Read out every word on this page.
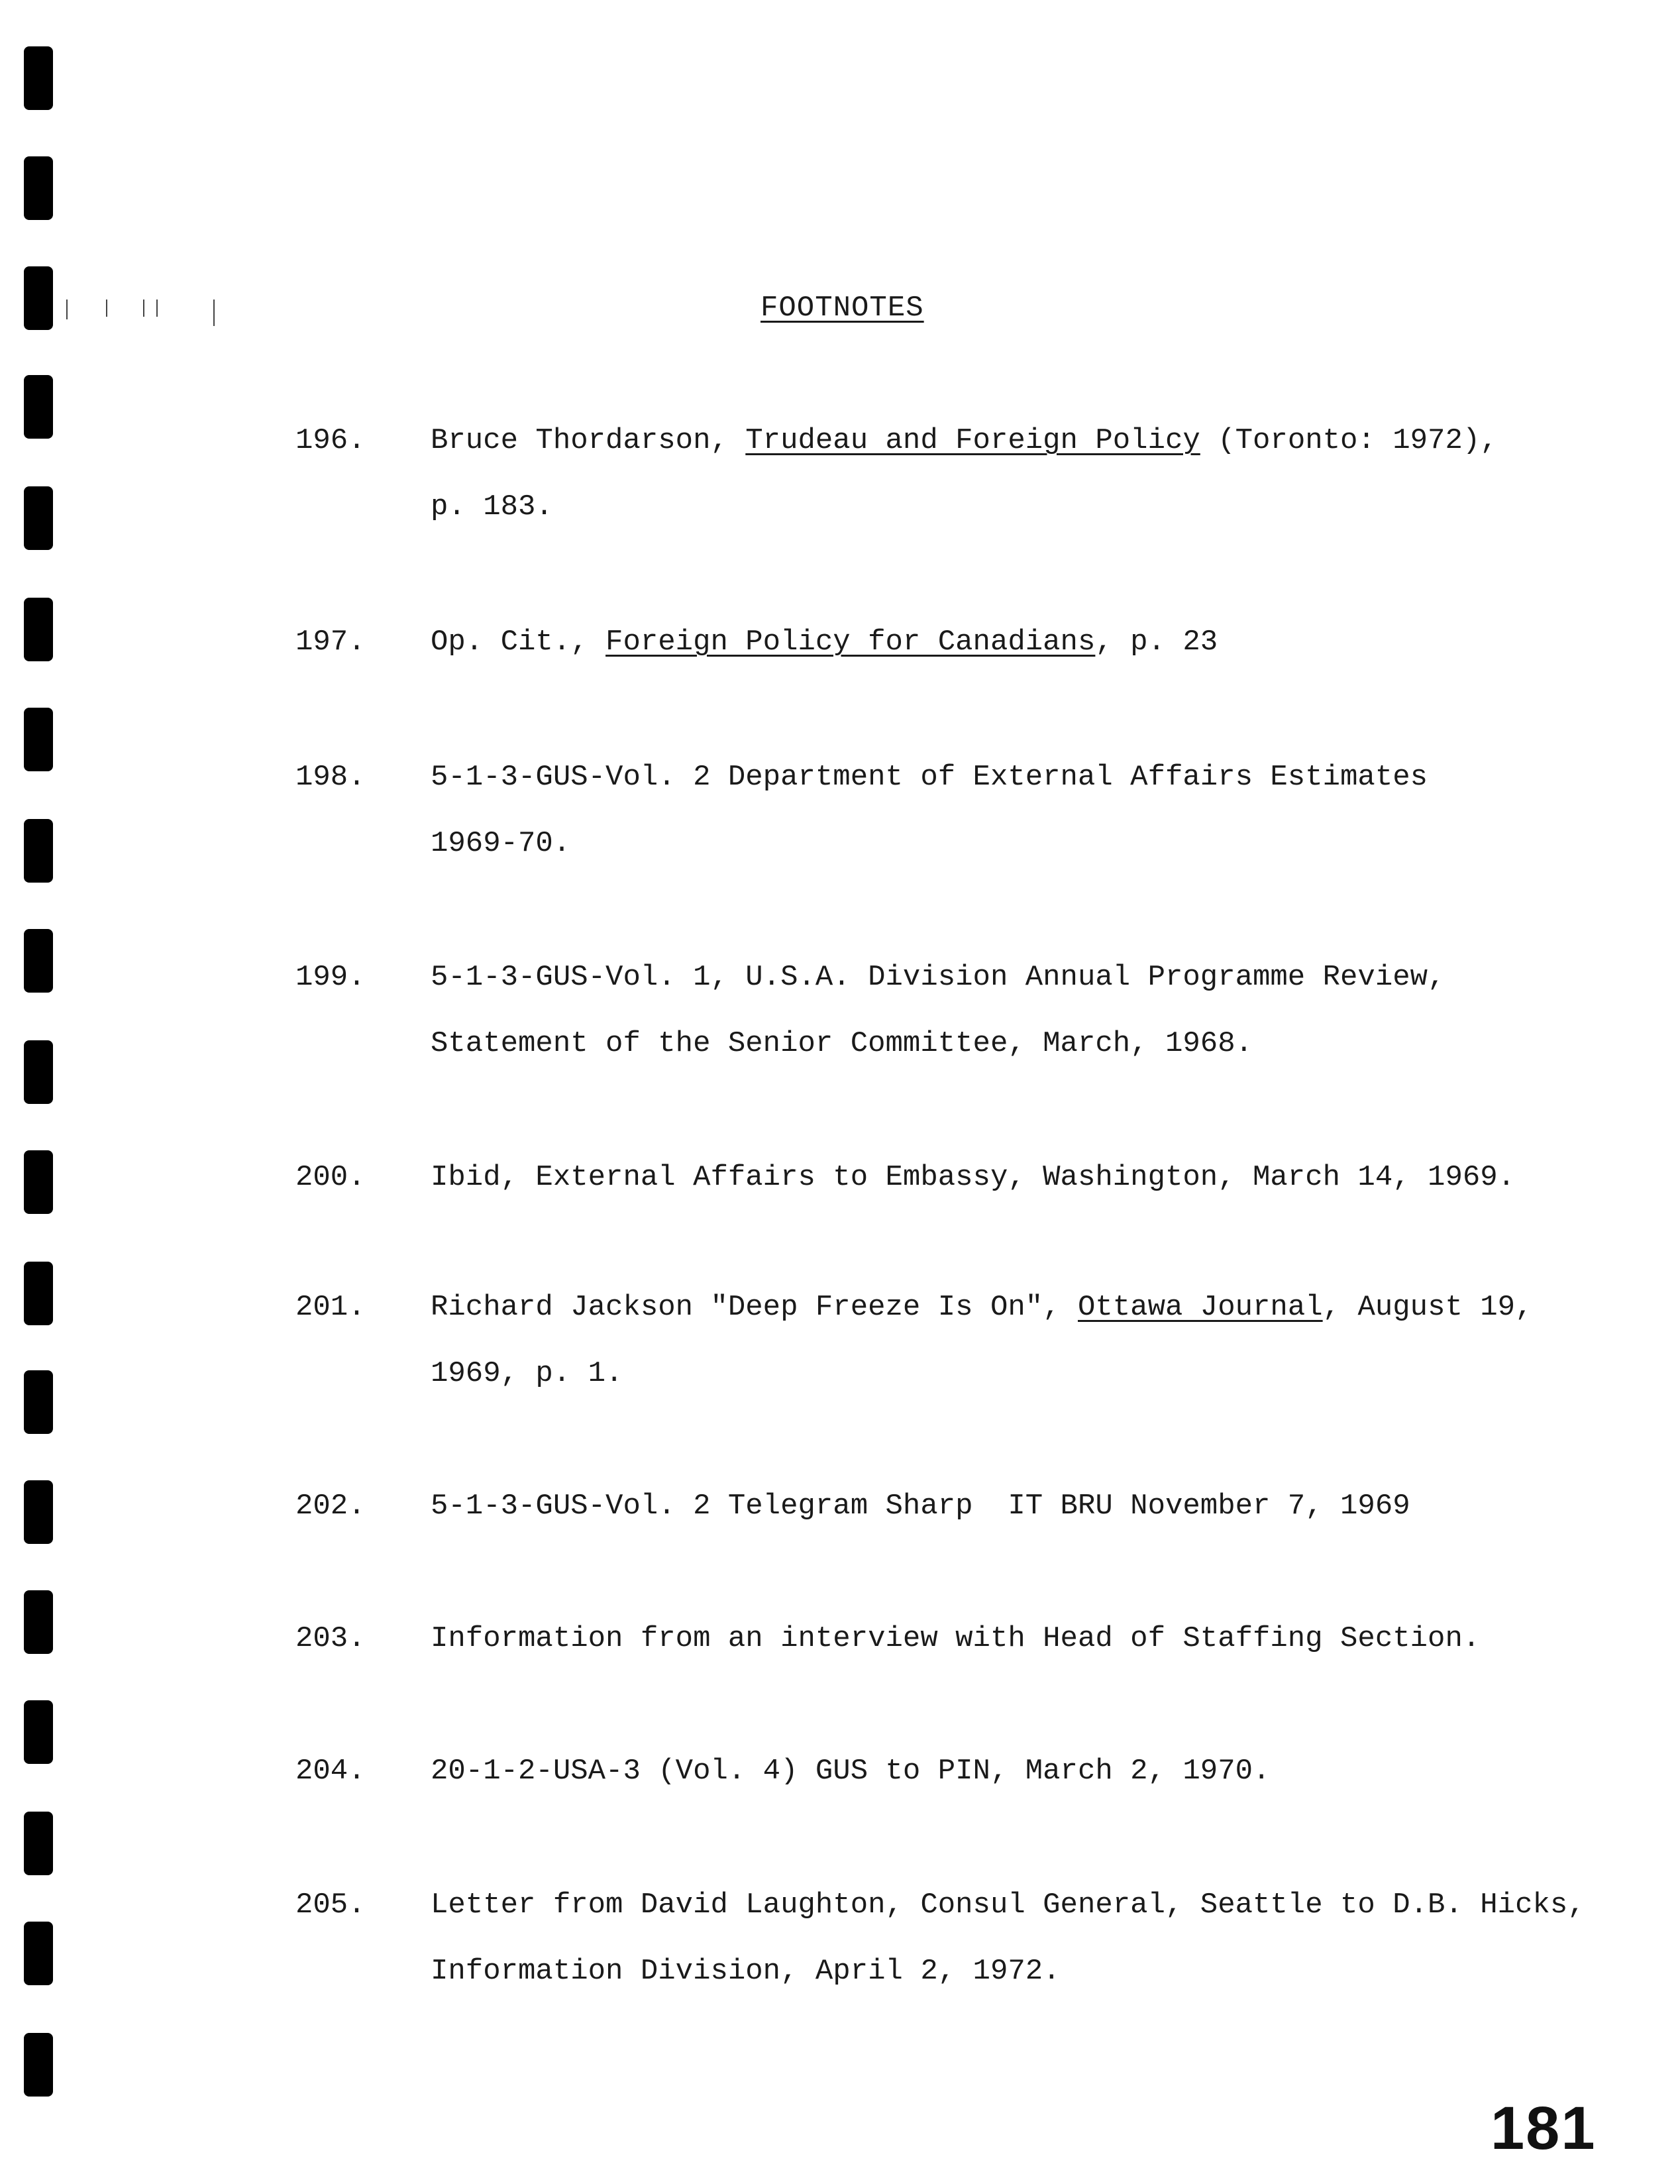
FOOTNOTES
196. Bruce Thordarson, Trudeau and Foreign Policy (Toronto: 1972),
p. 183.
197. Op. Cit., Foreign Policy for Canadians, p. 23
198. 5-1-3-GUS-Vol. 2 Department of External Affairs Estimates
1969-70.
199. 5-1-3-GUS-Vol. 1, U.S.A. Division Annual Programme Review,
Statement of the Senior Committee, March, 1968.
200. Ibid, External Affairs to Embassy, Washington, March 14, 1969.
201. Richard Jackson "Deep Freeze Is On", Ottawa Journal, August 19,
1969, p. 1.
202. 5-1-3-GUS-Vol. 2 Telegram Sharp  IT BRU November 7, 1969
203. Information from an interview with Head of Staffing Section.
204. 20-1-2-USA-3 (Vol. 4) GUS to PIN, March 2, 1970.
205. Letter from David Laughton, Consul General, Seattle to D.B. Hicks,
Information Division, April 2, 1972.
181
